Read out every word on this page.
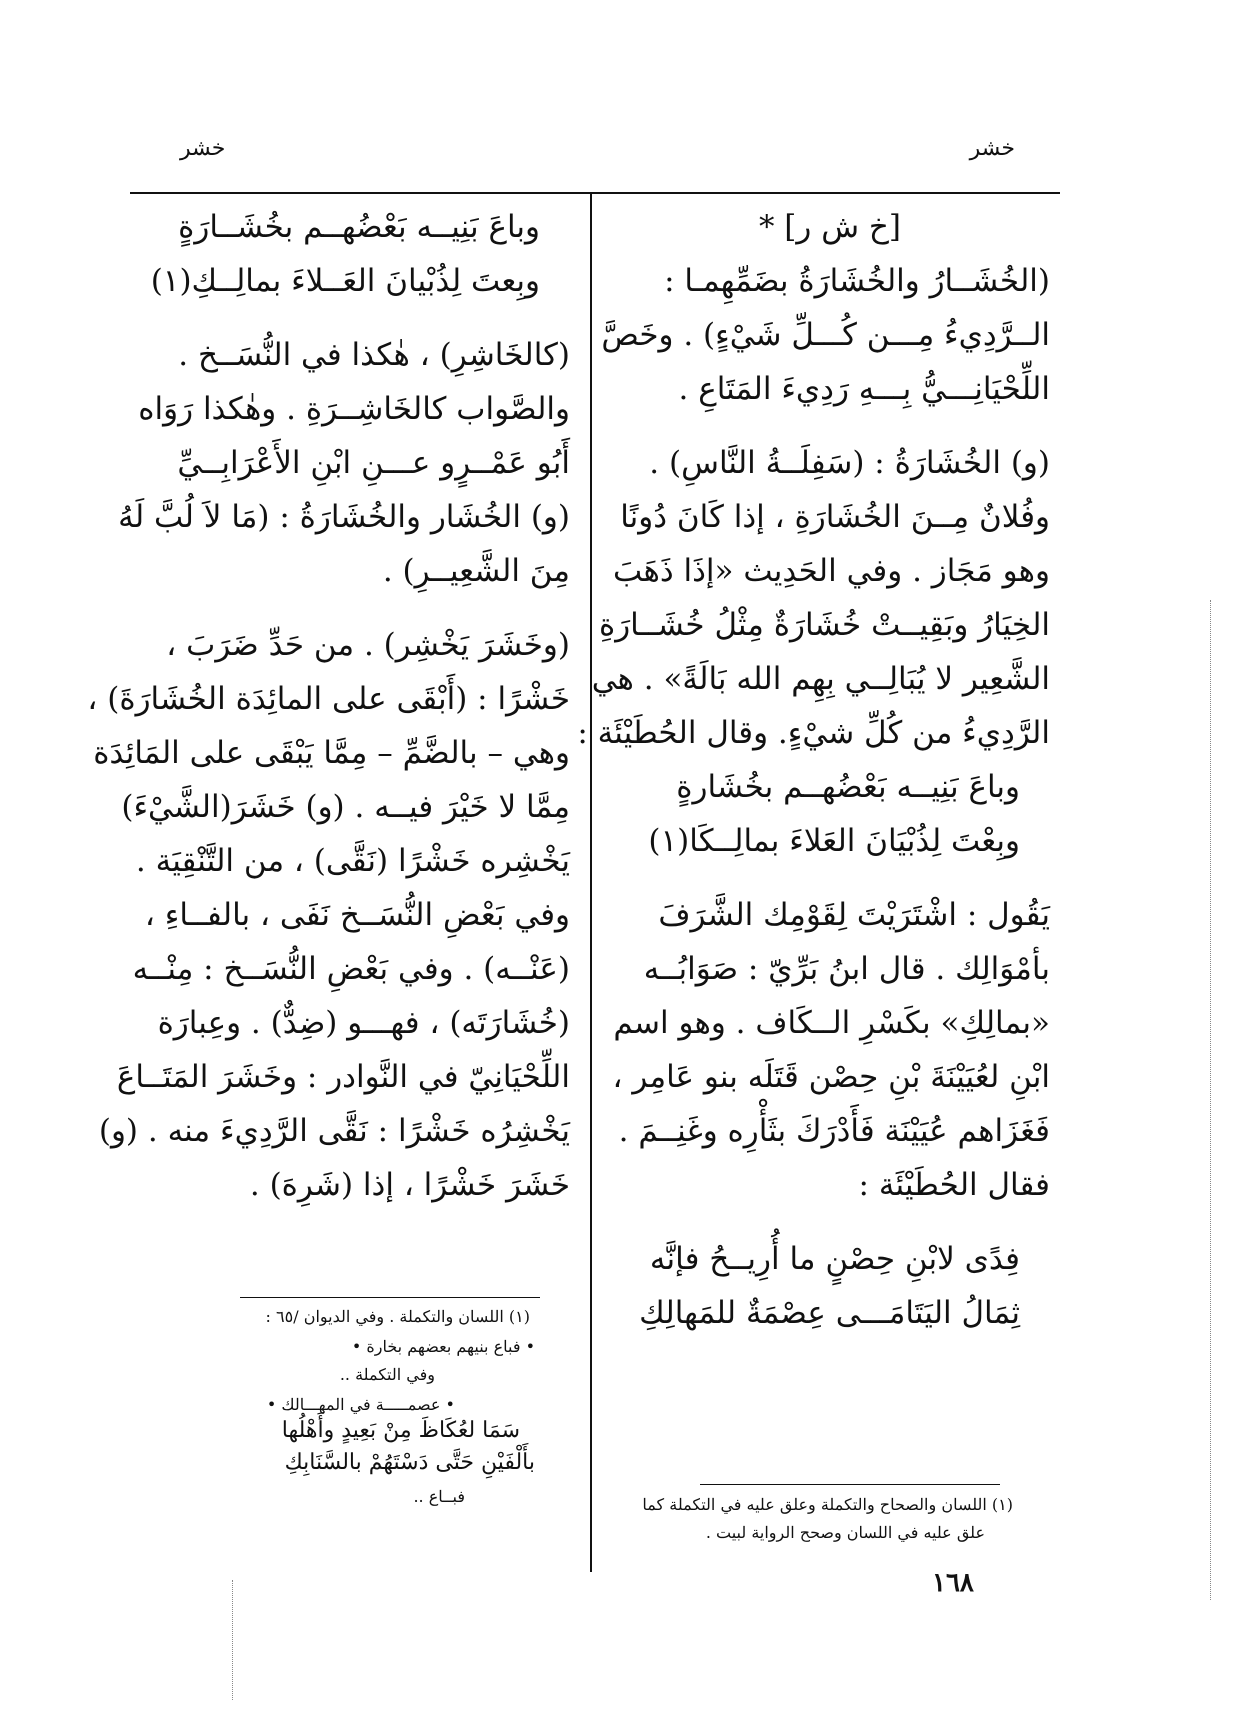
خشر
خشر
[خ ش ر] *
(الخُشَــارُ والخُشَارَةُ بضَمِّهِمـا :
الــرَّدِيءُ مِـــن كُـــلِّ شَيْءٍ) . وخَصَّ
اللِّحْيَانِـــيُّ بِـــهِ رَدِيءَ المَتَاعِ .
(و) الخُشَارَةُ : (سَفِلَــةُ النَّاسِ) .
وفُلانٌ مِــنَ الخُشَارَةِ ، إذا كَانَ دُونًا
وهو مَجَاز . وفي الحَدِيث «إذَا ذَهَبَ
الخِيَارُ وبَقِيــتْ خُشَارَةٌ مِثْلُ خُشَــارَةِ
الشَّعِير لا يُبَالِــي بِهِم الله بَالَةً» . هي
الرَّدِيءُ من كُلِّ شيْءٍ. وقال الحُطَيْئَة :
وباعَ بَنِيــه بَعْضُهــم بخُشَارةٍ
وبِعْتَ لِذُبْيَانَ العَلاءَ بمالِــكَا(١)
يَقُول : اشْتَرَيْتَ لِقَوْمِك الشَّرَفَ
بأمْوَالِك . قال ابنُ بَرِّيّ : صَوَابُــه
«بمالِكِ» بكَسْرِ الــكَاف . وهو اسم
ابْنِ لعُيَيْنَةَ بْنِ حِصْن قَتَلَه بنو عَامِر ،
فَغَزَاهم عُيَيْنَة فَأَدْرَكَ بثَأْرِه وغَنِــمَ .
فقال الحُطَيْئَة :
فِدًى لابْنِ حِصْنٍ ما أُرِيــحُ فإنَّه
ثِمَالُ اليَتَامَـــى عِصْمَةٌ للمَهالِكِ
(١) اللسان والصحاح والتكملة وعلق عليه في التكملة كما
علق عليه في اللسان وصحح الرواية لبيت .
وباعَ بَنِيــه بَعْضُهــم بخُشَــارَةٍ
وبِعتَ لِذُبْيانَ العَــلاءَ بمالِــكِ(١)
(كالخَاشِرِ) ، هٰكذا في النُّسَــخ .
والصَّواب كالخَاشِــرَةِ . وهٰكذا رَوَاه
أَبُو عَمْــرٍو عـــنِ ابْنِ الأَعْرَابِــيِّ
(و) الخُشَار والخُشَارَةُ : (مَا لاَ لُبَّ لَهُ
مِنَ الشَّعِيــرِ) .
(وخَشَرَ يَخْشِر) . من حَدِّ ضَرَبَ ،
خَشْرًا : (أَبْقَى على المائِدَة الخُشَارَةَ) ،
وهي – بالضَّمِّ – مِمَّا يَبْقَى على المَائِدَة
مِمَّا لا خَيْرَ فيــه . (و) خَشَرَ(الشَّيْءَ)
يَخْشِره خَشْرًا (نَقَّى) ، من التَّنْقِيَة .
وفي بَعْضِ النُّسَــخ نَفَى ، بالفــاءِ ،
(عَنْــه) . وفي بَعْضِ النُّسَــخ : مِنْــه
(خُشَارَتَه) ، فهـــو (ضِدٌّ) . وعِبارَة
اللِّحْيَانِيّ في النَّوادر : وخَشَرَ المَتَــاعَ
يَخْشِرُه خَشْرًا : نَقَّى الرَّدِيءَ منه . (و)
خَشَرَ خَشْرًا ، إذا (شَرِهَ) .
(١) اللسان والتكملة . وفي الديوان /٦٥ :
• فباع بنيهم بعضهم بخارة •
وفي التكملة ..
• عصمـــــة في المهـــالك •
سَمَا لعُكَاظَ مِنْ بَعِيدٍ وأَهْلُها
بأَلْفَيْنِ حَتَّى دَسْتَهُمْ بالسَّنَابِكِ
فبــاع ..
١٦٨
